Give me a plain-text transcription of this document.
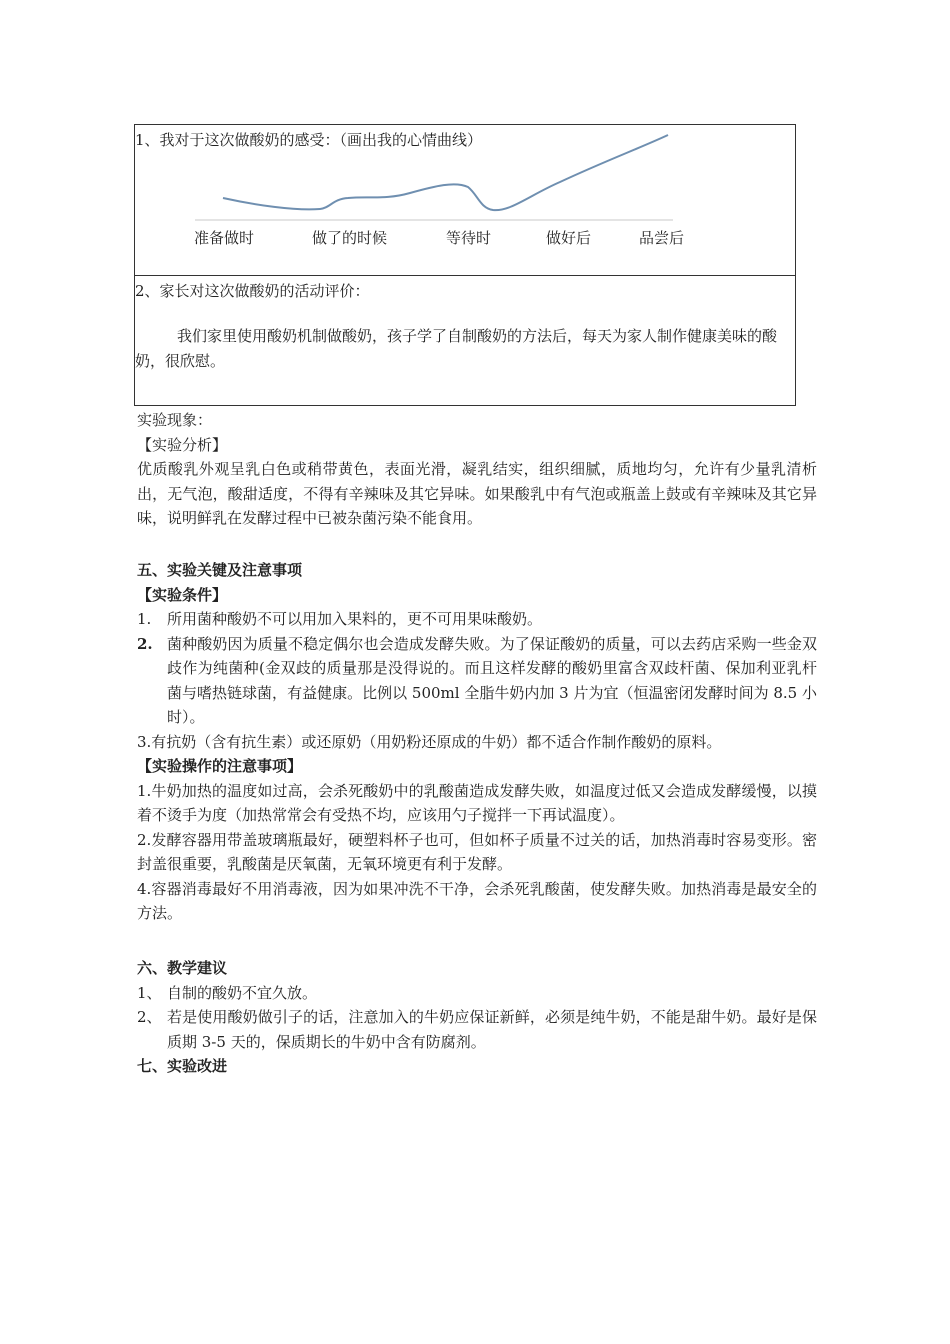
1、我对于这次做酸奶的感受：（画出我的心情曲线）
准备做时	做了的时候	等待时	做好后	品尝后
2、家长对这次做酸奶的活动评价：
我们家里使用酸奶机制做酸奶，孩子学了自制酸奶的方法后，每天为家人制作健康美味的酸奶，很欣慰。
实验现象：
【实验分析】
优质酸乳外观呈乳白色或稍带黄色，表面光滑，凝乳结实，组织细腻，质地均匀，允许有少量乳清析出，无气泡，酸甜适度，不得有辛辣味及其它异味。如果酸乳中有气泡或瓶盖上鼓或有辛辣味及其它异味，说明鲜乳在发酵过程中已被杂菌污染不能食用。
五、实验关键及注意事项
【实验条件】
1.	所用菌种酸奶不可以用加入果料的，更不可用果味酸奶。
2. 菌种酸奶因为质量不稳定偶尔也会造成发酵失败。为了保证酸奶的质量，可以去药店采购一些金双歧作为纯菌种(金双歧的质量那是没得说的。而且这样发酵的酸奶里富含双歧杆菌、保加利亚乳杆菌与嗜热链球菌，有益健康。比例以 500ml 全脂牛奶内加 3 片为宜（恒温密闭发酵时间为 8.5 小时）。
3.有抗奶（含有抗生素）或还原奶（用奶粉还原成的牛奶）都不适合作制作酸奶的原料。
【实验操作的注意事项】
1.牛奶加热的温度如过高，会杀死酸奶中的乳酸菌造成发酵失败，如温度过低又会造成发酵缓慢，以摸着不烫手为度（加热常常会有受热不均，应该用勺子搅拌一下再试温度）。
2.发酵容器用带盖玻璃瓶最好，硬塑料杯子也可，但如杯子质量不过关的话，加热消毒时容易变形。密封盖很重要，乳酸菌是厌氧菌，无氧环境更有利于发酵。
4.容器消毒最好不用消毒液，因为如果冲洗不干净，会杀死乳酸菌，使发酵失败。加热消毒是最安全的方法。
六、教学建议
1、 自制的酸奶不宜久放。
2、 若是使用酸奶做引子的话，注意加入的牛奶应保证新鲜，必须是纯牛奶，不能是甜牛奶。最好是保质期 3-5 天的，保质期长的牛奶中含有防腐剂。
七、实验改进
